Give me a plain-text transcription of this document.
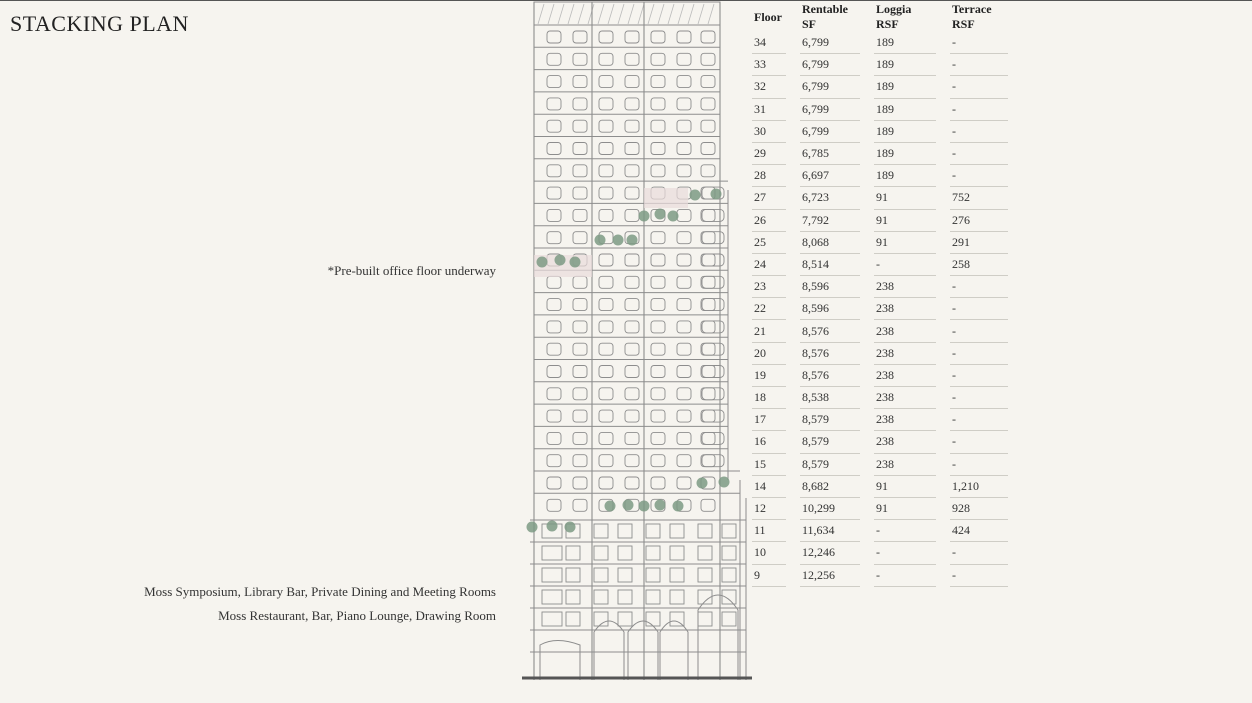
STACKING PLAN
*Pre-built office floor underway
Moss Symposium, Library Bar, Private Dining and Meeting Rooms
Moss Restaurant, Bar, Piano Lounge, Drawing Room
Floor		Rentable SF		Loggia RSF		Terrace RSF
34		6,799		189		-
33		6,799		189		-
32		6,799		189		-
31		6,799		189		-
30		6,799		189		-
29		6,785		189		-
28		6,697		189		-
27		6,723		91		752
26		7,792		91		276
25		8,068		91		291
24		8,514		-		258
23		8,596		238		-
22		8,596		238		-
21		8,576		238		-
20		8,576		238		-
19		8,576		238		-
18		8,538		238		-
17		8,579		238		-
16		8,579		238		-
15		8,579		238		-
14		8,682		91		1,210
12		10,299		91		928
11		11,634		-		424
10		12,246		-		-
9		12,256		-		-
